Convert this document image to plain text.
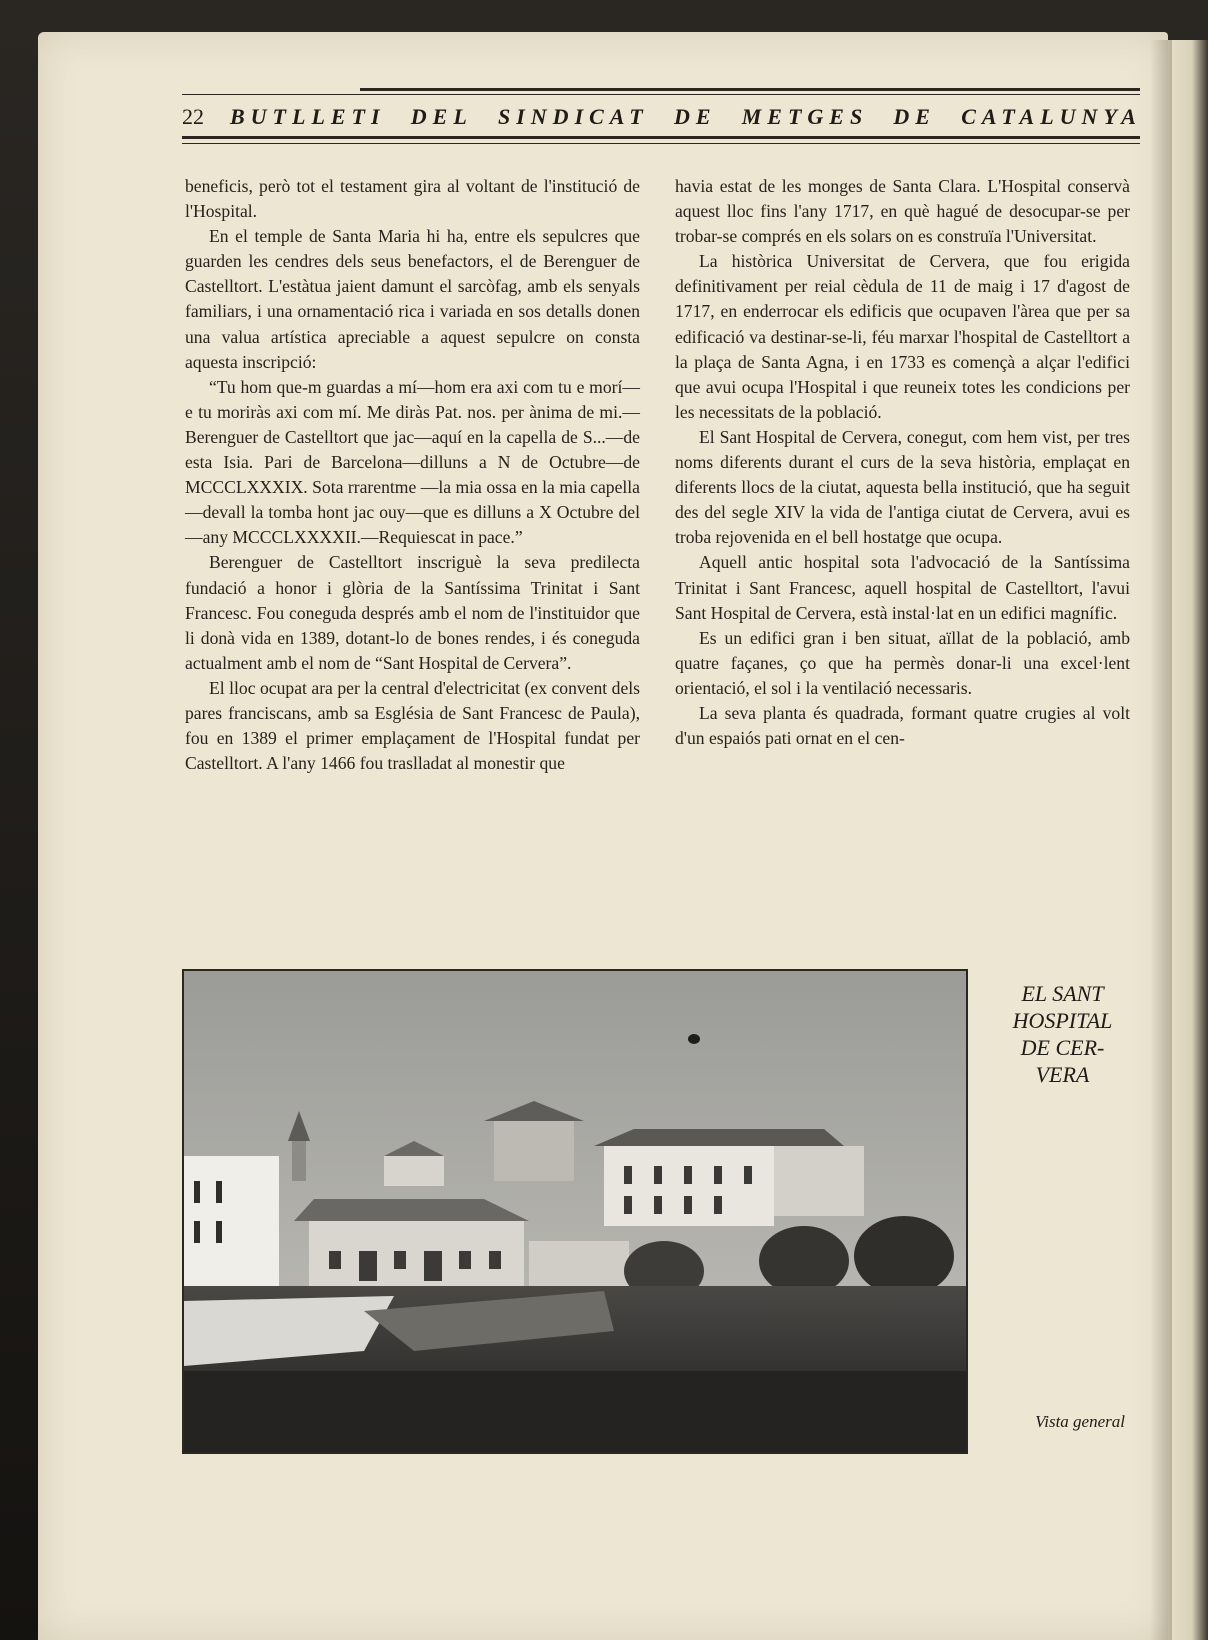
22	BUTLLETI DEL SINDICAT DE METGES DE CATALUNYA

beneficis, però tot el testament gira al voltant de l'institució de l'Hospital.

En el temple de Santa Maria hi ha, entre els sepulcres que guarden les cendres dels seus benefactors, el de Berenguer de Castelltort. L'estàtua jaient damunt el sarcòfag, amb els senyals familiars, i una ornamentació rica i variada en sos detalls donen una valua artística apreciable a aquest sepulcre on consta aquesta inscripció:

“Tu hom que-m guardas a mí—hom era axi com tu e morí—e tu moriràs axi com mí. Me diràs Pat. nos. per ànima de mi.—Berenguer de Castelltort que jac—aquí en la capella de S...—de esta Isia. Pari de Barcelona—dilluns a N de Octubre—de MCCCLXXXIX. Sota rrarentme —la mia ossa en la mia capella—devall la tomba hont jac ouy—que es dilluns a X Octubre del—any MCCCLXXXXII.—Requiescat in pace.”

Berenguer de Castelltort inscriguè la seva predilecta fundació a honor i glòria de la Santíssima Trinitat i Sant Francesc. Fou coneguda després amb el nom de l'instituidor que li donà vida en 1389, dotant-lo de bones rendes, i és coneguda actualment amb el nom de “Sant Hospital de Cervera”.

El lloc ocupat ara per la central d'electricitat (ex convent dels pares franciscans, amb sa Església de Sant Francesc de Paula), fou en 1389 el primer emplaçament de l'Hospital fundat per Castelltort. A l'any 1466 fou traslladat al monestir que

havia estat de les monges de Santa Clara. L'Hospital conservà aquest lloc fins l'any 1717, en què hagué de desocupar-se per trobar-se comprés en els solars on es construïa l'Universitat.

La històrica Universitat de Cervera, que fou erigida definitivament per reial cèdula de 11 de maig i 17 d'agost de 1717, en enderrocar els edificis que ocupaven l'àrea que per sa edificació va destinar-se-li, féu marxar l'hospital de Castelltort a la plaça de Santa Agna, i en 1733 es començà a alçar l'edifici que avui ocupa l'Hospital i que reuneix totes les condicions per les necessitats de la població.

El Sant Hospital de Cervera, conegut, com hem vist, per tres noms diferents durant el curs de la seva història, emplaçat en diferents llocs de la ciutat, aquesta bella institució, que ha seguit des del segle XIV la vida de l'antiga ciutat de Cervera, avui es troba rejovenida en el bell hostatge que ocupa.

Aquell antic hospital sota l'advocació de la Santíssima Trinitat i Sant Francesc, aquell hospital de Castelltort, l'avui Sant Hospital de Cervera, està instal·lat en un edifici magnífic.

Es un edifici gran i ben situat, aïllat de la població, amb quatre façanes, ço que ha permès donar-li una excel·lent orientació, el sol i la ventilació necessaris.

La seva planta és quadrada, formant quatre crugies al volt d'un espaiós pati ornat en el cen-

EL SANT
HOSPITAL
DE CER-
VERA
Vista general
